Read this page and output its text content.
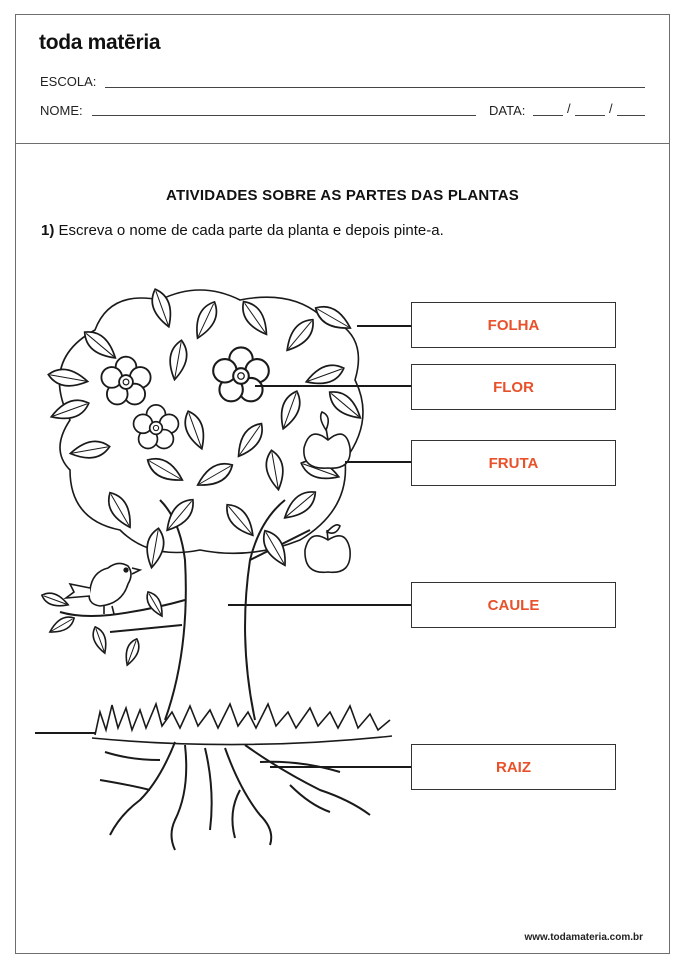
toda matēria
ESCOLA:
NOME:	DATA:	/	/
ATIVIDADES SOBRE AS PARTES DAS PLANTAS
1) Escreva o nome de cada parte da planta e depois pinte-a.
FOLHA
FLOR
FRUTA
CAULE
RAIZ
www.todamateria.com.br
